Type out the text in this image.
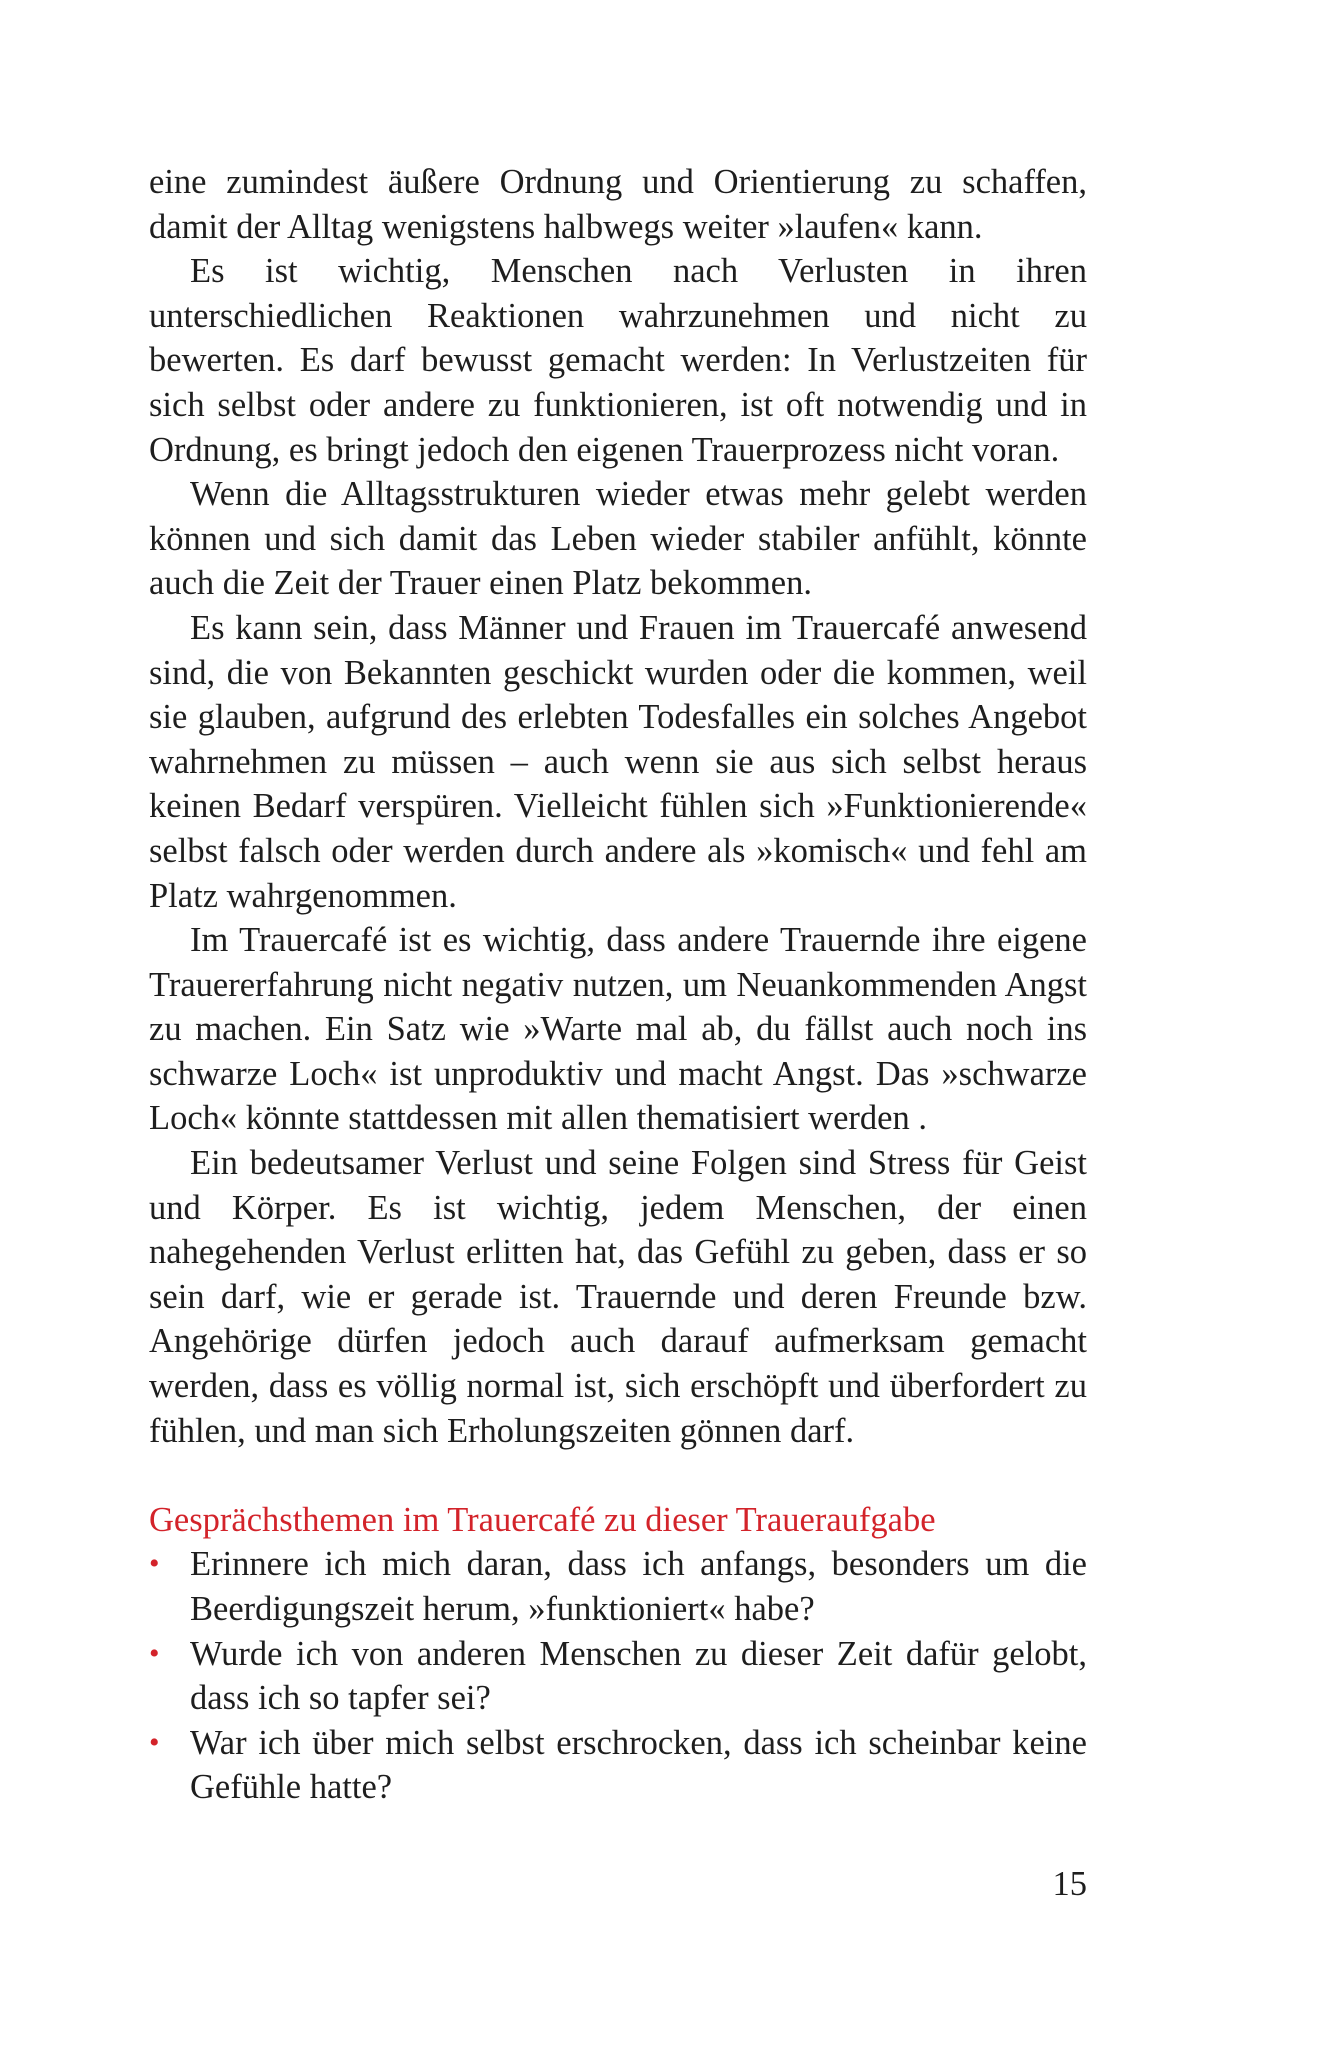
eine zumindest äußere Ordnung und Orientierung zu schaffen, damit der Alltag wenigstens halbwegs weiter »laufen« kann.

Es ist wichtig, Menschen nach Verlusten in ihren unterschiedlichen Reaktionen wahrzunehmen und nicht zu bewerten. Es darf bewusst gemacht werden: In Verlustzeiten für sich selbst oder andere zu funktionieren, ist oft notwendig und in Ordnung, es bringt jedoch den eigenen Trauerprozess nicht voran.

Wenn die Alltagsstrukturen wieder etwas mehr gelebt werden können und sich damit das Leben wieder stabiler anfühlt, könnte auch die Zeit der Trauer einen Platz bekommen.

Es kann sein, dass Männer und Frauen im Trauercafé anwesend sind, die von Bekannten geschickt wurden oder die kommen, weil sie glauben, aufgrund des erlebten Todesfalles ein solches Angebot wahrnehmen zu müssen – auch wenn sie aus sich selbst heraus keinen Bedarf verspüren. Vielleicht fühlen sich »Funktionierende« selbst falsch oder werden durch andere als »komisch« und fehl am Platz wahrgenommen.

Im Trauercafé ist es wichtig, dass andere Trauernde ihre eigene Trauererfahrung nicht negativ nutzen, um Neuankommenden Angst zu machen. Ein Satz wie »Warte mal ab, du fällst auch noch ins schwarze Loch« ist unproduktiv und macht Angst. Das »schwarze Loch« könnte stattdessen mit allen thematisiert werden .

Ein bedeutsamer Verlust und seine Folgen sind Stress für Geist und Körper. Es ist wichtig, jedem Menschen, der einen nahegehenden Verlust erlitten hat, das Gefühl zu geben, dass er so sein darf, wie er gerade ist. Trauernde und deren Freunde bzw. Angehörige dürfen jedoch auch darauf aufmerksam gemacht werden, dass es völlig normal ist, sich erschöpft und überfordert zu fühlen, und man sich Erholungszeiten gönnen darf.

Gesprächsthemen im Trauercafé zu dieser Traueraufgabe
• Erinnere ich mich daran, dass ich anfangs, besonders um die Beerdigungszeit herum, »funktioniert« habe?
• Wurde ich von anderen Menschen zu dieser Zeit dafür gelobt, dass ich so tapfer sei?
• War ich über mich selbst erschrocken, dass ich scheinbar keine Gefühle hatte?
15
